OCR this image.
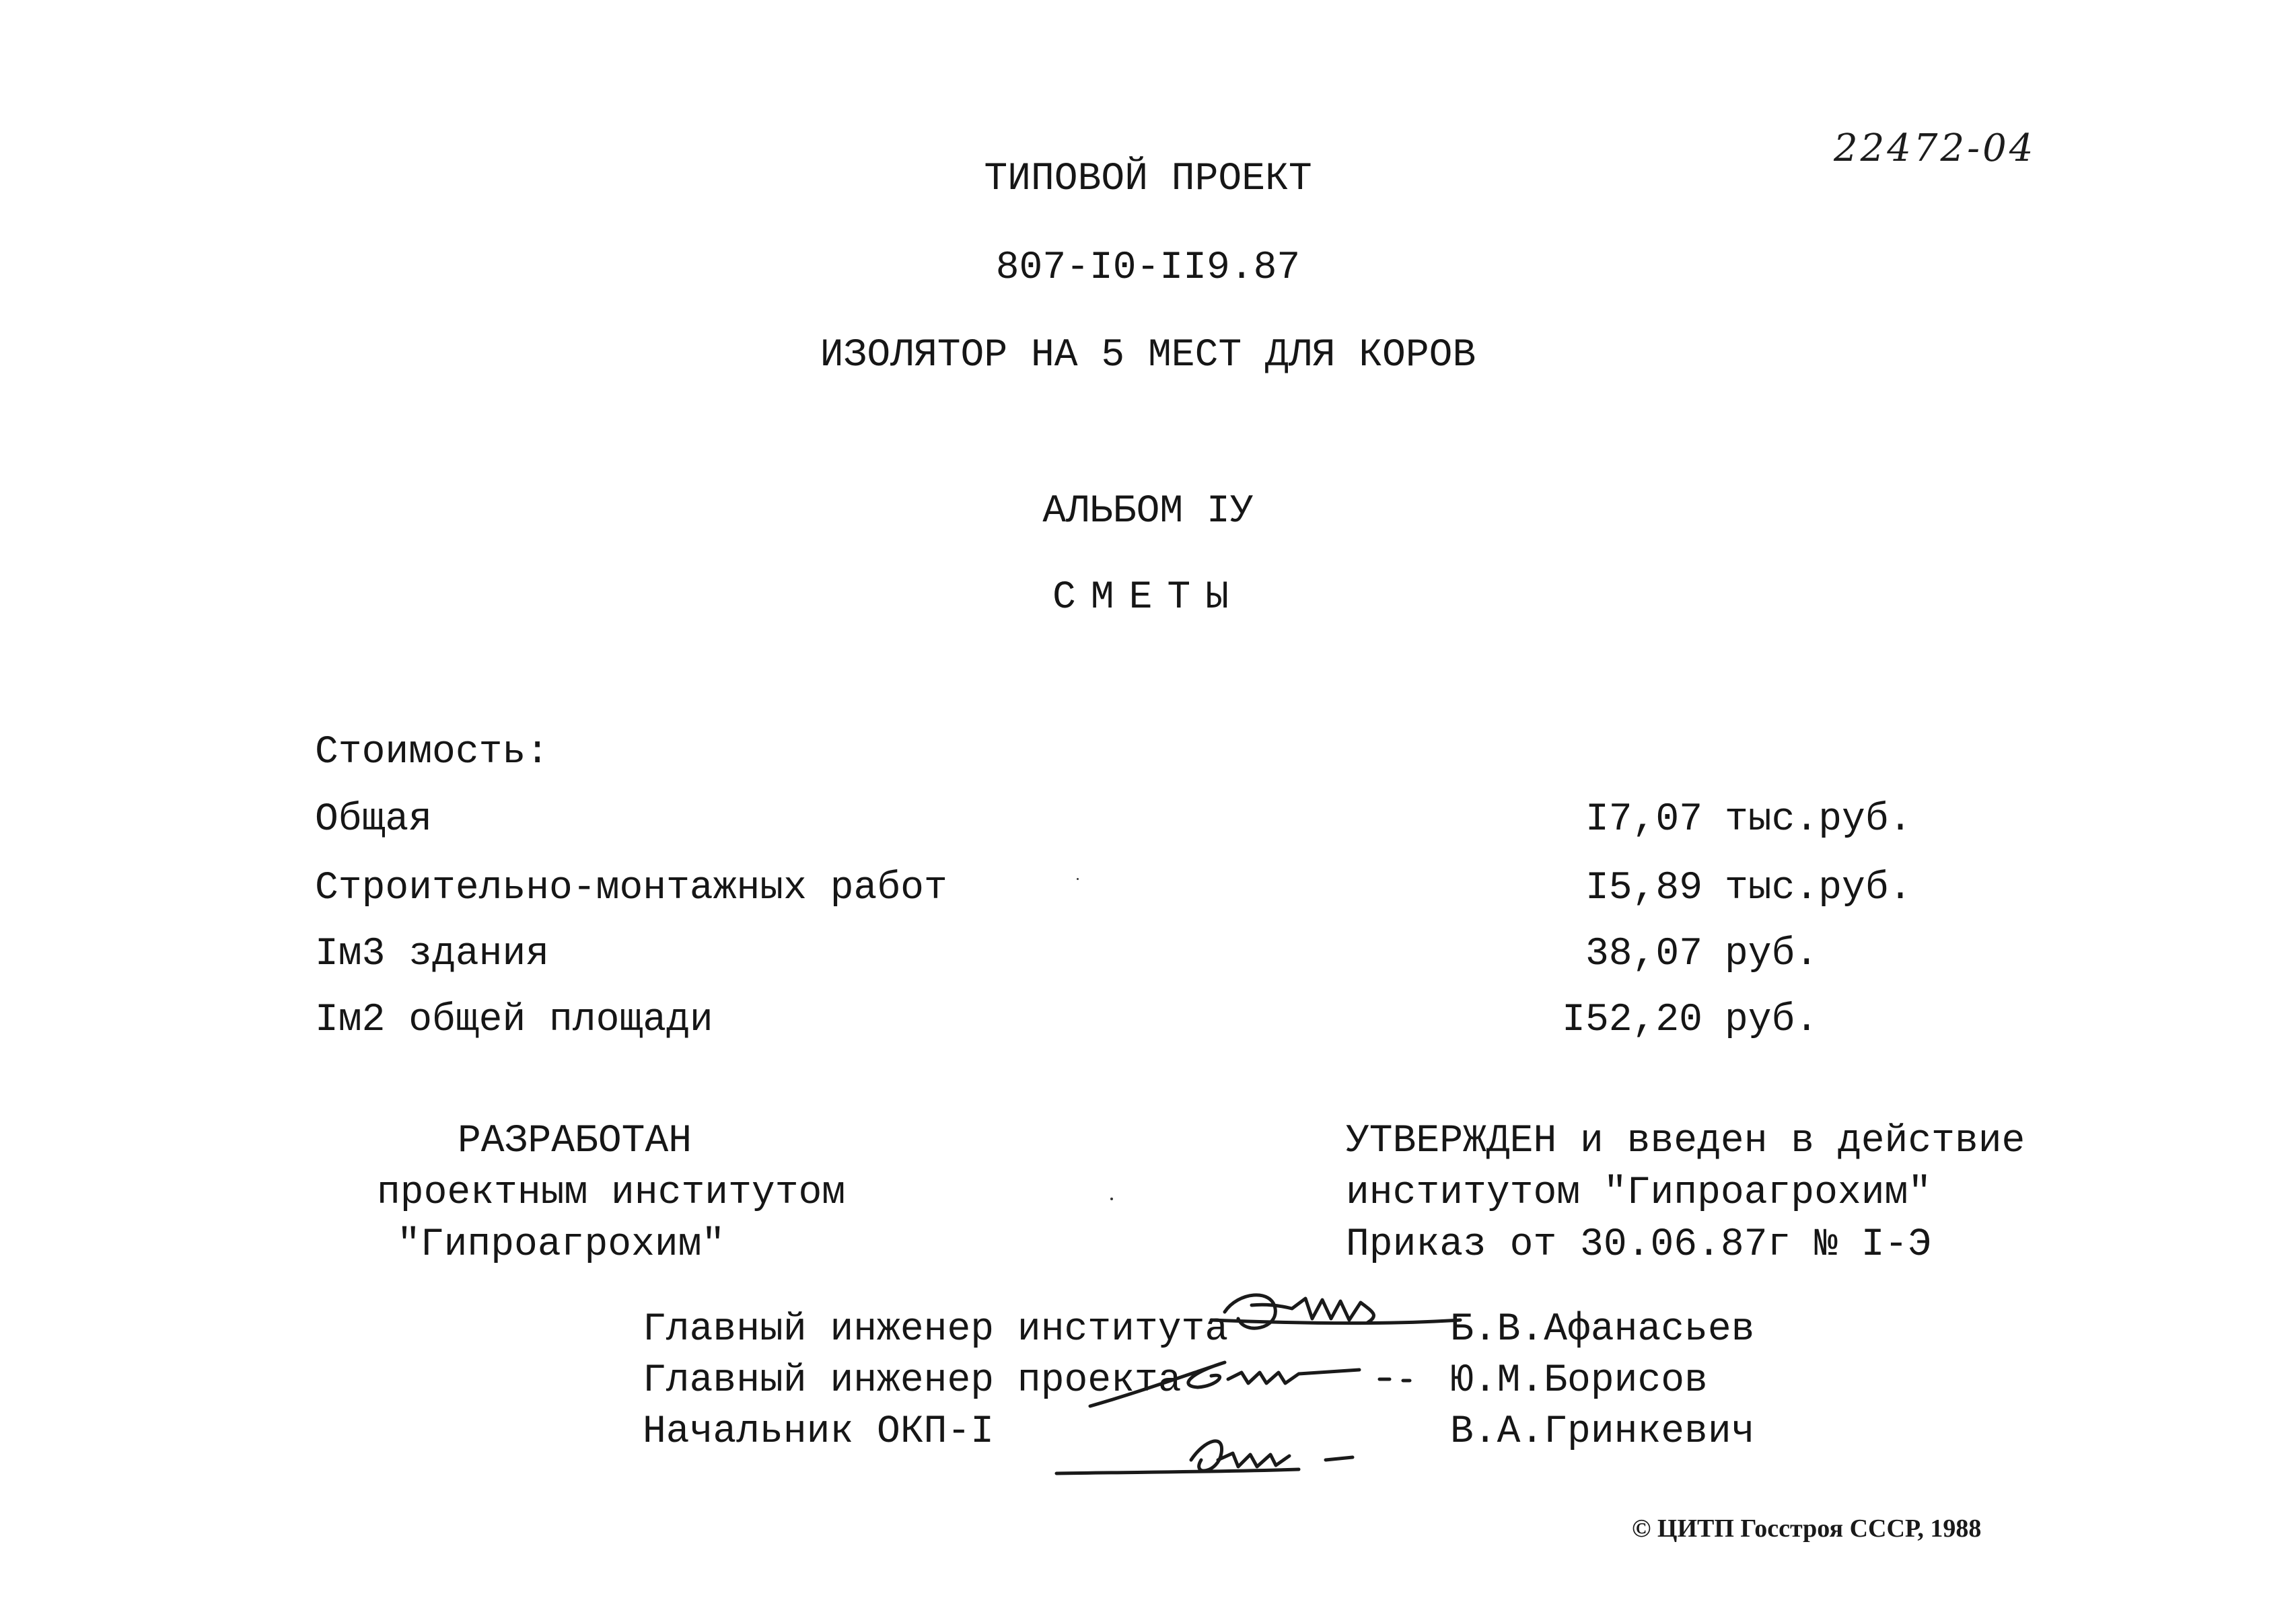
22472-04
ТИПОВОЙ ПРОЕКТ
807-I0-II9.87
ИЗОЛЯТОР НА 5 МЕСТ ДЛЯ КОРОВ
АЛЬБОМ IУ
СМЕТЫ
Стоимость:
Общая	I7,07 тыс.руб.
Строительно-монтажных работ	I5,89 тыс.руб.
Iм3 здания	38,07 руб.
Iм2 общей площади	I52,20 руб.
РАЗРАБОТАН
проектным институтом
"Гипроагрохим"
УТВЕРЖДЕН и введен в действие
институтом "Гипроагрохим"
Приказ от 30.06.87г № I-Э
Главный инженер института	Б.В.Афанасьев
Главный инженер проекта	Ю.М.Борисов
Начальник ОКП-I	В.А.Гринкевич
© ЦИТП Госстроя СССР, 1988
